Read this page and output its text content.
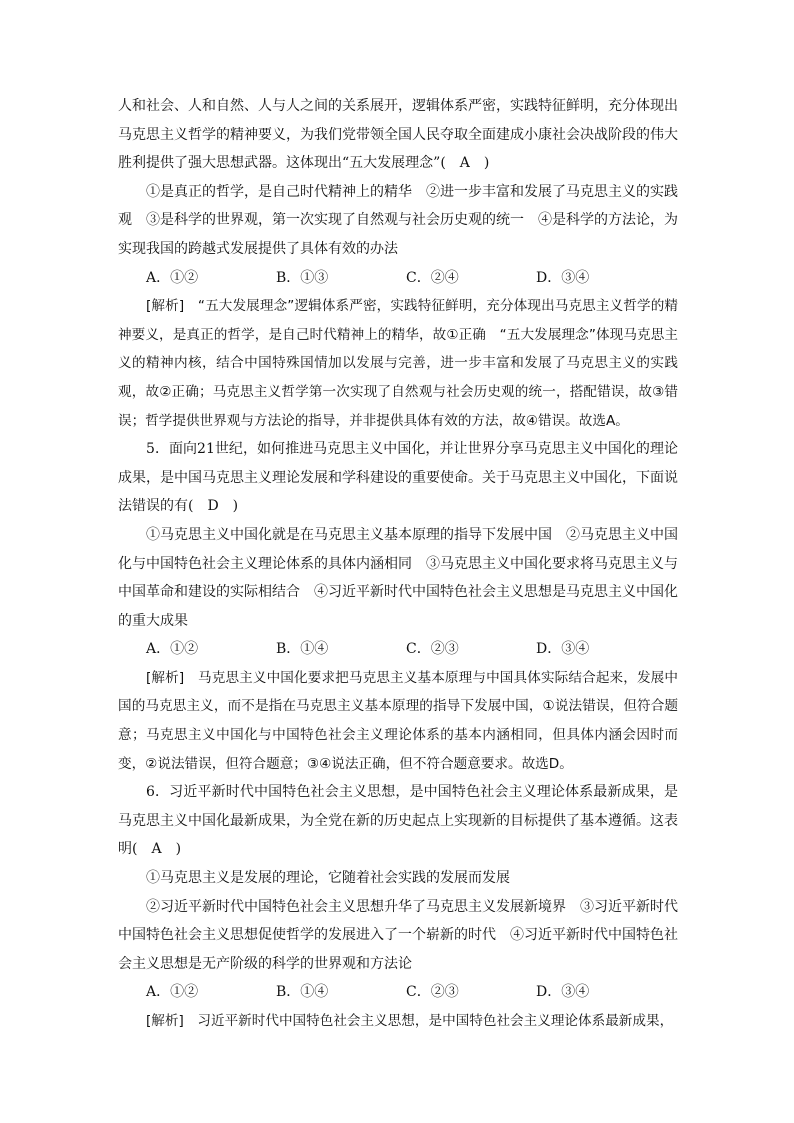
人和社会、人和自然、人与人之间的关系展开，逻辑体系严密，实践特征鲜明，充分体现出马克思主义哲学的精神要义，为我们党带领全国人民夺取全面建成小康社会决战阶段的伟大胜利提供了强大思想武器。这体现出“五大发展理念”(　A　)

①是真正的哲学，是自己时代精神上的精华　②进一步丰富和发展了马克思主义的实践观　③是科学的世界观，第一次实现了自然观与社会历史观的统一　④是科学的方法论，为实现我国的跨越式发展提供了具体有效的办法

A．①②	B．①③	C．②④	D．③④

[解析]　“五大发展理念”逻辑体系严密，实践特征鲜明，充分体现出马克思主义哲学的精神要义，是真正的哲学，是自己时代精神上的精华，故①正确　“五大发展理念”体现马克思主义的精神内核，结合中国特殊国情加以发展与完善，进一步丰富和发展了马克思主义的实践观，故②正确；马克思主义哲学第一次实现了自然观与社会历史观的统一，搭配错误，故③错误；哲学提供世界观与方法论的指导，并非提供具体有效的方法，故④错误。故选A。

5．面向21世纪，如何推进马克思主义中国化，并让世界分享马克思主义中国化的理论成果，是中国马克思主义理论发展和学科建设的重要使命。关于马克思主义中国化，下面说法错误的有(　D　)

①马克思主义中国化就是在马克思主义基本原理的指导下发展中国　②马克思主义中国化与中国特色社会主义理论体系的具体内涵相同　③马克思主义中国化要求将马克思主义与中国革命和建设的实际相结合　④习近平新时代中国特色社会主义思想是马克思主义中国化的重大成果

A．①②	B．①④	C．②③	D．③④

[解析]　马克思主义中国化要求把马克思主义基本原理与中国具体实际结合起来，发展中国的马克思主义，而不是指在马克思主义基本原理的指导下发展中国，①说法错误，但符合题意；马克思主义中国化与中国特色社会主义理论体系的基本内涵相同，但具体内涵会因时而变，②说法错误，但符合题意；③④说法正确，但不符合题意要求。故选D。

6．习近平新时代中国特色社会主义思想，是中国特色社会主义理论体系最新成果，是马克思主义中国化最新成果，为全党在新的历史起点上实现新的目标提供了基本遵循。这表明(　A　)

①马克思主义是发展的理论，它随着社会实践的发展而发展

②习近平新时代中国特色社会主义思想升华了马克思主义发展新境界　③习近平新时代中国特色社会主义思想促使哲学的发展进入了一个崭新的时代　④习近平新时代中国特色社会主义思想是无产阶级的科学的世界观和方法论

A．①②	B．①④	C．②③	D．③④

[解析]　习近平新时代中国特色社会主义思想，是中国特色社会主义理论体系最新成果，
